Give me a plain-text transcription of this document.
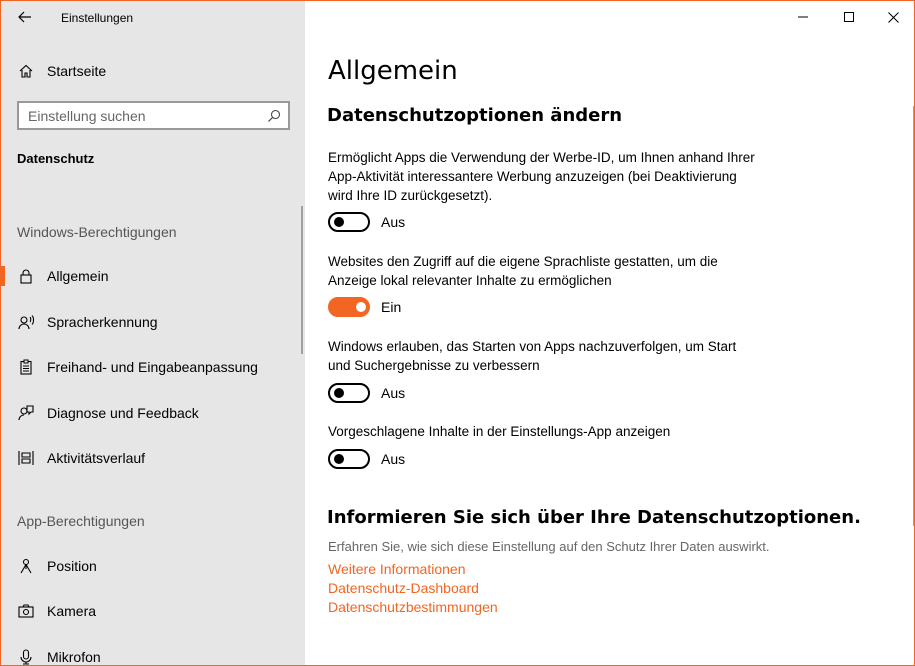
Einstellungen
Startseite
Einstellung suchen
Datenschutz
Windows-Berechtigungen
Allgemein
Spracherkennung
Freihand- und Eingabeanpassung
Diagnose und Feedback
Aktivitätsverlauf
App-Berechtigungen
Position
Kamera
Mikrofon
Allgemein
Datenschutzoptionen ändern
Ermöglicht Apps die Verwendung der Werbe-ID, um Ihnen anhand Ihrer App-Aktivität interessantere Werbung anzuzeigen (bei Deaktivierung wird Ihre ID zurückgesetzt).
Aus
Websites den Zugriff auf die eigene Sprachliste gestatten, um die Anzeige lokal relevanter Inhalte zu ermöglichen
Ein
Windows erlauben, das Starten von Apps nachzuverfolgen, um Start und Suchergebnisse zu verbessern
Aus
Vorgeschlagene Inhalte in der Einstellungs-App anzeigen
Aus
Informieren Sie sich über Ihre Datenschutzoptionen.
Erfahren Sie, wie sich diese Einstellung auf den Schutz Ihrer Daten auswirkt.
Weitere Informationen
Datenschutz-Dashboard
Datenschutzbestimmungen
